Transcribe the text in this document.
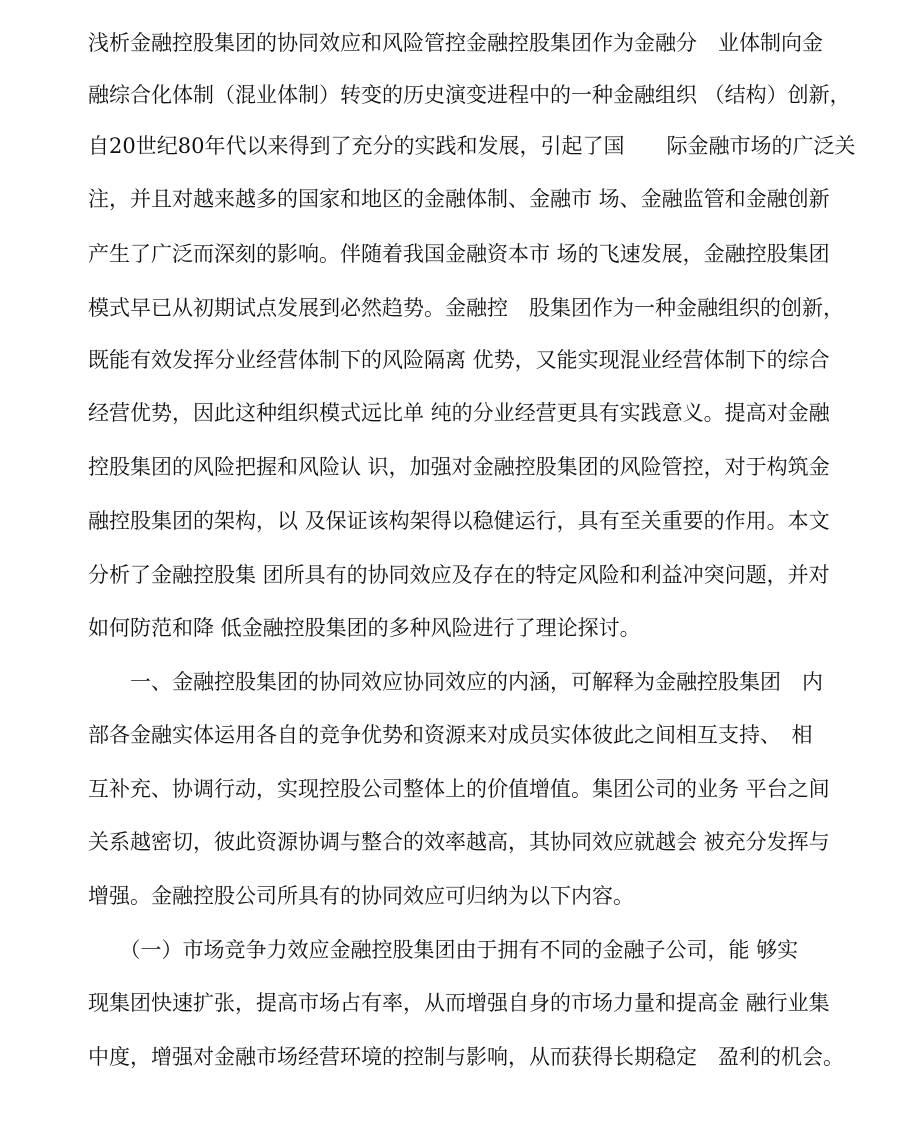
浅析金融控股集团的协同效应和风险管控金融控股集团作为金融分　业体制向金
融综合化体制（混业体制）转变的历史演变进程中的一种金融组织 （结构）创新，
自20世纪80年代以来得到了充分的实践和发展，引起了国　　际金融市场的广泛关
注，并且对越来越多的国家和地区的金融体制、金融市 场、金融监管和金融创新
产生了广泛而深刻的影响。伴随着我国金融资本市 场的飞速发展，金融控股集团
模式早已从初期试点发展到必然趋势。金融控　股集团作为一种金融组织的创新，
既能有效发挥分业经营体制下的风险隔离 优势，又能实现混业经营体制下的综合
经营优势，因此这种组织模式远比单 纯的分业经营更具有实践意义。提高对金融
控股集团的风险把握和风险认 识，加强对金融控股集团的风险管控，对于构筑金
融控股集团的架构，以 及保证该构架得以稳健运行，具有至关重要的作用。本文
分析了金融控股集 团所具有的协同效应及存在的特定风险和利益冲突问题，并对
如何防范和降 低金融控股集团的多种风险进行了理论探讨。
　　一、金融控股集团的协同效应协同效应的内涵，可解释为金融控股集团　内
部各金融实体运用各自的竞争优势和资源来对成员实体彼此之间相互支持、　相
互补充、协调行动，实现控股公司整体上的价值增值。集团公司的业务 平台之间
关系越密切，彼此资源协调与整合的效率越高，其协同效应就越会 被充分发挥与
增强。金融控股公司所具有的协同效应可归纳为以下内容。
　　（一）市场竞争力效应金融控股集团由于拥有不同的金融子公司，能 够实
现集团快速扩张，提高市场占有率，从而增强自身的市场力量和提高金 融行业集
中度，增强对金融市场经营环境的控制与影响，从而获得长期稳定　盈利的机会。
